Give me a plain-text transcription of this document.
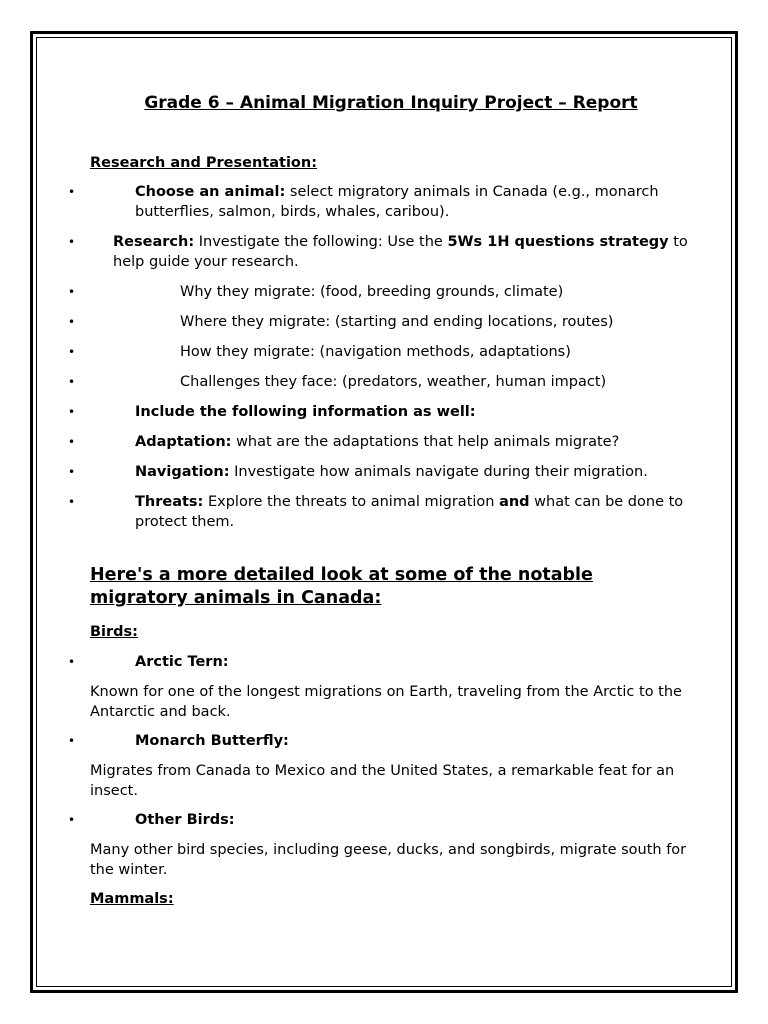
Grade 6 – Animal Migration Inquiry Project – Report
Research and Presentation:
• Choose an animal: select migratory animals in Canada (e.g., monarch butterflies, salmon, birds, whales, caribou).
• Research: Investigate the following: Use the 5Ws 1H questions strategy to help guide your research.
• Why they migrate: (food, breeding grounds, climate)
• Where they migrate: (starting and ending locations, routes)
• How they migrate: (navigation methods, adaptations)
• Challenges they face: (predators, weather, human impact)
• Include the following information as well:
• Adaptation: what are the adaptations that help animals migrate?
• Navigation: Investigate how animals navigate during their migration.
• Threats: Explore the threats to animal migration and what can be done to protect them.
Here's a more detailed look at some of the notable migratory animals in Canada:
Birds:
• Arctic Tern:
Known for one of the longest migrations on Earth, traveling from the Arctic to the Antarctic and back.
• Monarch Butterfly:
Migrates from Canada to Mexico and the United States, a remarkable feat for an insect.
• Other Birds:
Many other bird species, including geese, ducks, and songbirds, migrate south for the winter.
Mammals:
